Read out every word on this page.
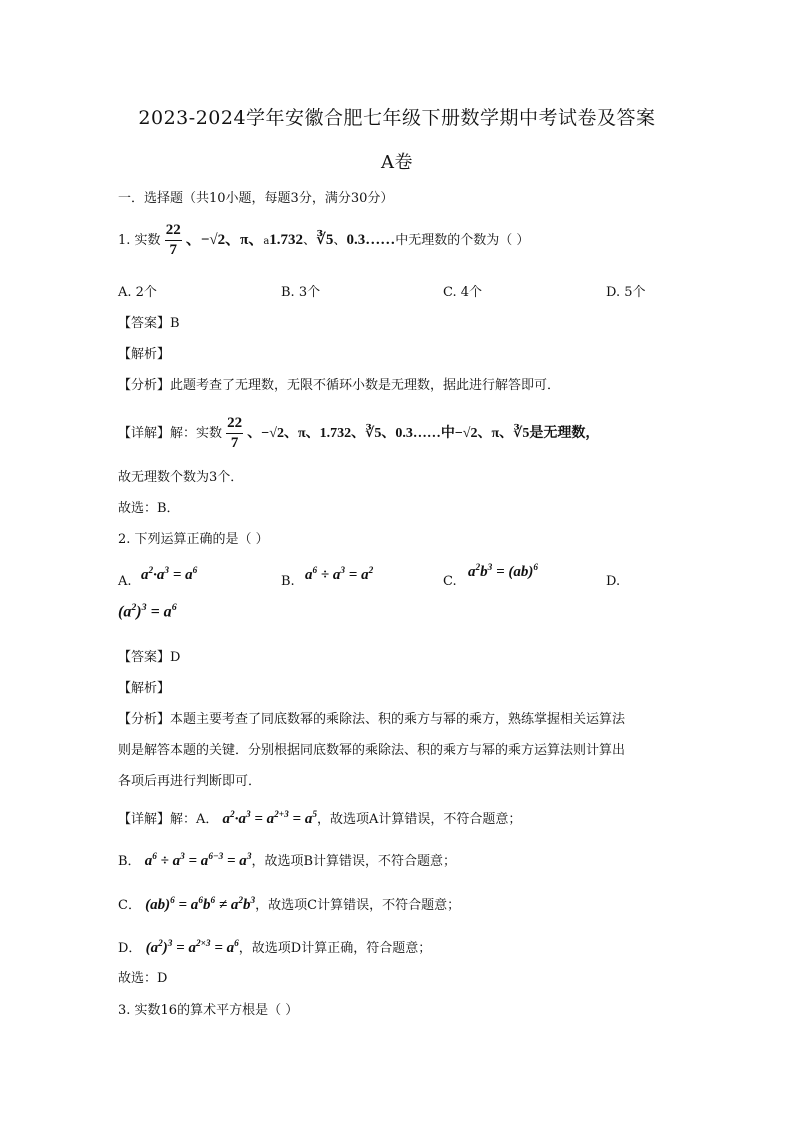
2023-2024学年安徽合肥七年级下册数学期中考试卷及答案
A卷
一．选择题（共10小题，每题3分，满分30分）
1. 实数 $\frac{22}{7}$ 、−√2、π、a1.732、∛5、0.3……中无理数的个数为（ ）
A. 2个	B. 3个	C. 4个	D. 5个
【答案】B
【解析】
【分析】此题考查了无理数，无限不循环小数是无理数，据此进行解答即可．
【详解】解：实数 $\frac{22}{7}$ 、−√2、π、1.732、∛5、0.3……中−√2、π、∛5是无理数，
故无理数个数为3个．
故选：B．
2. 下列运算正确的是（ ）
A. $a^2\cdot a^3 = a^6$
B. $a^6 \div a^3 = a^2$
C.
$a^2b^3 = (ab)^6$
D.
$(a^2)^3 = a^6$
【答案】D
【解析】
【分析】本题主要考查了同底数幂的乘除法、积的乘方与幂的乘方，熟练掌握相关运算法
则是解答本题的关键．分别根据同底数幂的乘除法、积的乘方与幂的乘方运算法则计算出
各项后再进行判断即可．
【详解】解：A． $a^2\cdot a^3 = a^{2+3} = a^5$，故选项A计算错误，不符合题意；
B． $a^6 \div a^3 = a^{6-3} = a^3$，故选项B计算错误，不符合题意；
C． $(ab)^6 = a^6b^6 \ne a^2b^3$，故选项C计算错误，不符合题意；
D． $(a^2)^3 = a^{2\times 3} = a^6$，故选项D计算正确，符合题意；
故选：D
3. 实数16的算术平方根是（ ）
